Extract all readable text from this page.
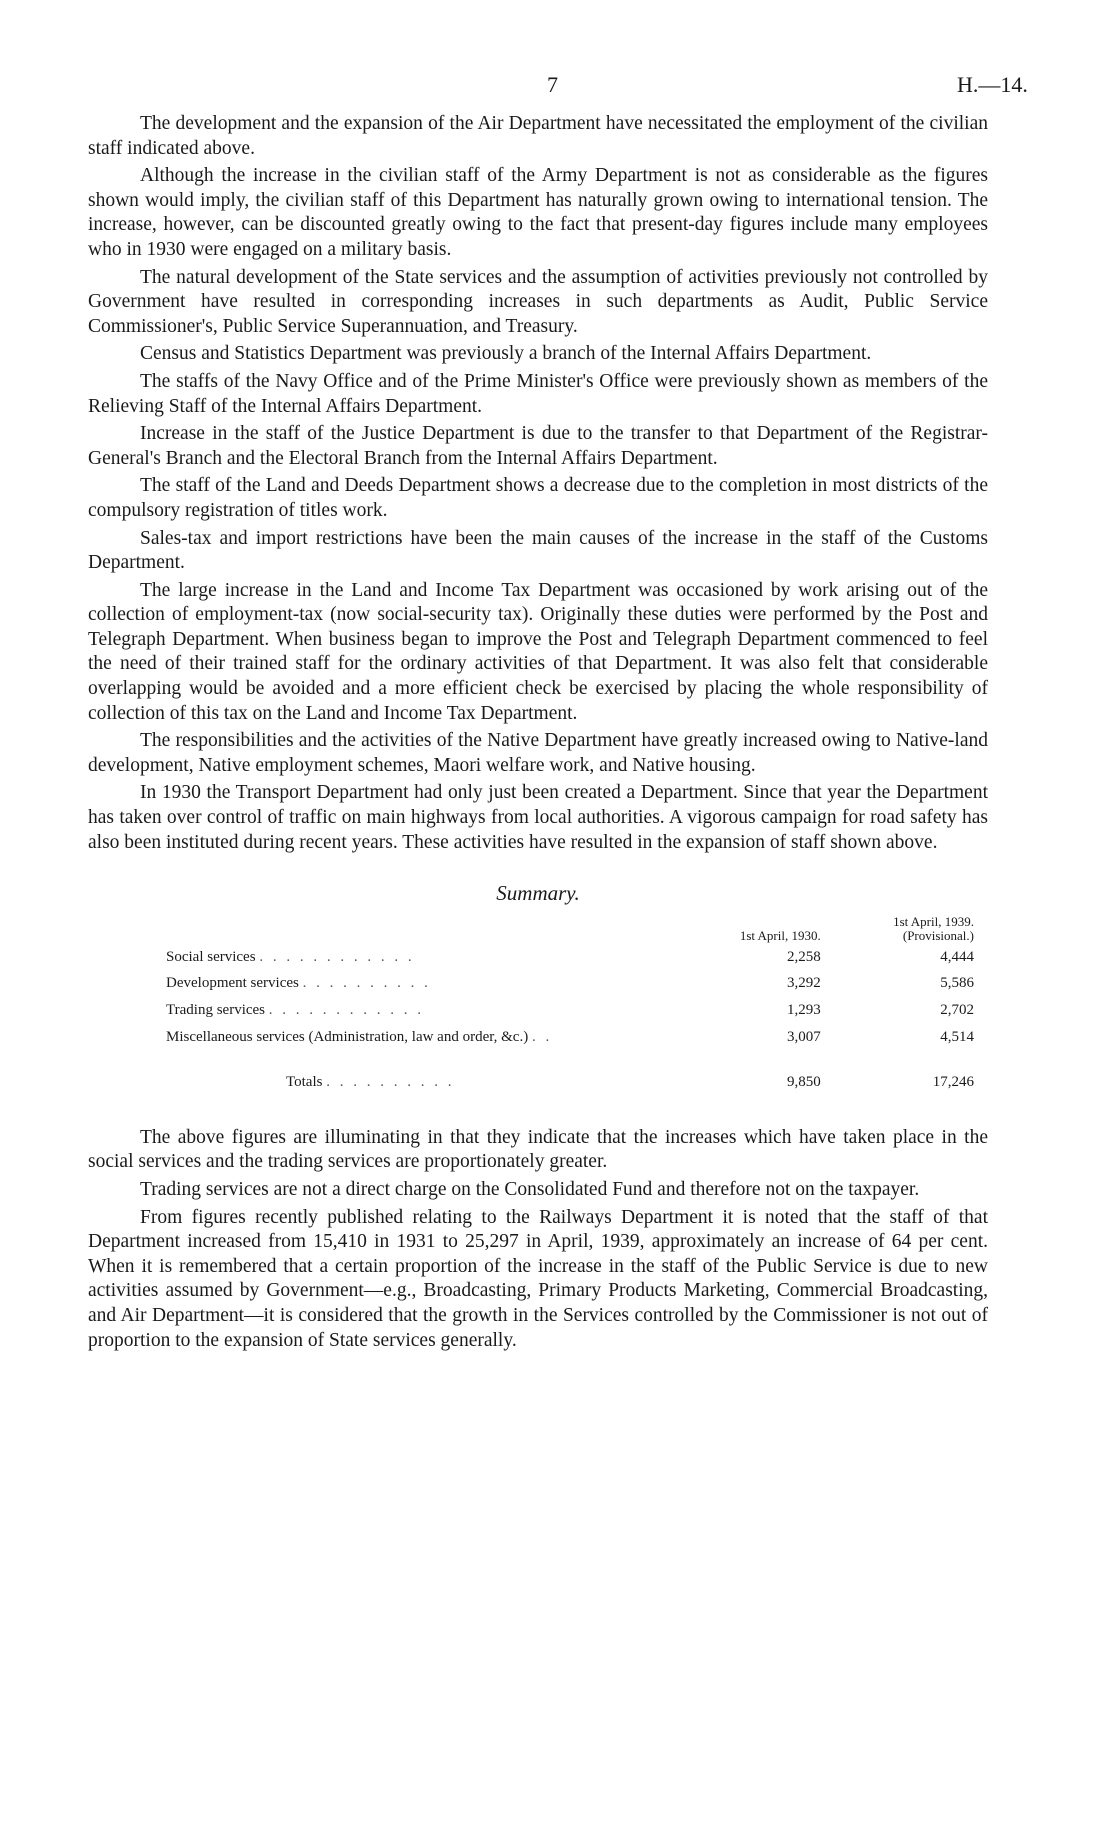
7	H.—14.

The development and the expansion of the Air Department have necessitated the employment of the civilian staff indicated above.

Although the increase in the civilian staff of the Army Department is not as considerable as the figures shown would imply, the civilian staff of this Department has naturally grown owing to international tension. The increase, however, can be discounted greatly owing to the fact that present-day figures include many employees who in 1930 were engaged on a military basis.

The natural development of the State services and the assumption of activities previously not controlled by Government have resulted in corresponding increases in such departments as Audit, Public Service Commissioner's, Public Service Superannuation, and Treasury.

Census and Statistics Department was previously a branch of the Internal Affairs Department.

The staffs of the Navy Office and of the Prime Minister's Office were previously shown as members of the Relieving Staff of the Internal Affairs Department.

Increase in the staff of the Justice Department is due to the transfer to that Department of the Registrar-General's Branch and the Electoral Branch from the Internal Affairs Department.

The staff of the Land and Deeds Department shows a decrease due to the completion in most districts of the compulsory registration of titles work.

Sales-tax and import restrictions have been the main causes of the increase in the staff of the Customs Department.

The large increase in the Land and Income Tax Department was occasioned by work arising out of the collection of employment-tax (now social-security tax). Originally these duties were performed by the Post and Telegraph Department. When business began to improve the Post and Telegraph Department commenced to feel the need of their trained staff for the ordinary activities of that Department. It was also felt that considerable overlapping would be avoided and a more efficient check be exercised by placing the whole responsibility of collection of this tax on the Land and Income Tax Department.

The responsibilities and the activities of the Native Department have greatly increased owing to Native-land development, Native employment schemes, Maori welfare work, and Native housing.

In 1930 the Transport Department had only just been created a Department. Since that year the Department has taken over control of traffic on main highways from local authorities. A vigorous campaign for road safety has also been instituted during recent years. These activities have resulted in the expansion of staff shown above.

Summary.
	1st April, 1930.	1st April, 1939.
(Provisional.)

Social services . . . . . . . . . . . .	2,258	4,444
Development services . . . . . . . . . .	3,292	5,586
Trading services . . . . . . . . . . . .	1,293	2,702
Miscellaneous services (Administration, law and order, &c.) . .	3,007	4,514
Totals . . . . . . . . . .	9,850	17,246

The above figures are illuminating in that they indicate that the increases which have taken place in the social services and the trading services are proportionately greater.

Trading services are not a direct charge on the Consolidated Fund and therefore not on the taxpayer.

From figures recently published relating to the Railways Department it is noted that the staff of that Department increased from 15,410 in 1931 to 25,297 in April, 1939, approximately an increase of 64 per cent. When it is remembered that a certain proportion of the increase in the staff of the Public Service is due to new activities assumed by Government—e.g., Broadcasting, Primary Products Marketing, Commercial Broadcasting, and Air Department—it is considered that the growth in the Services controlled by the Commissioner is not out of proportion to the expansion of State services generally.
